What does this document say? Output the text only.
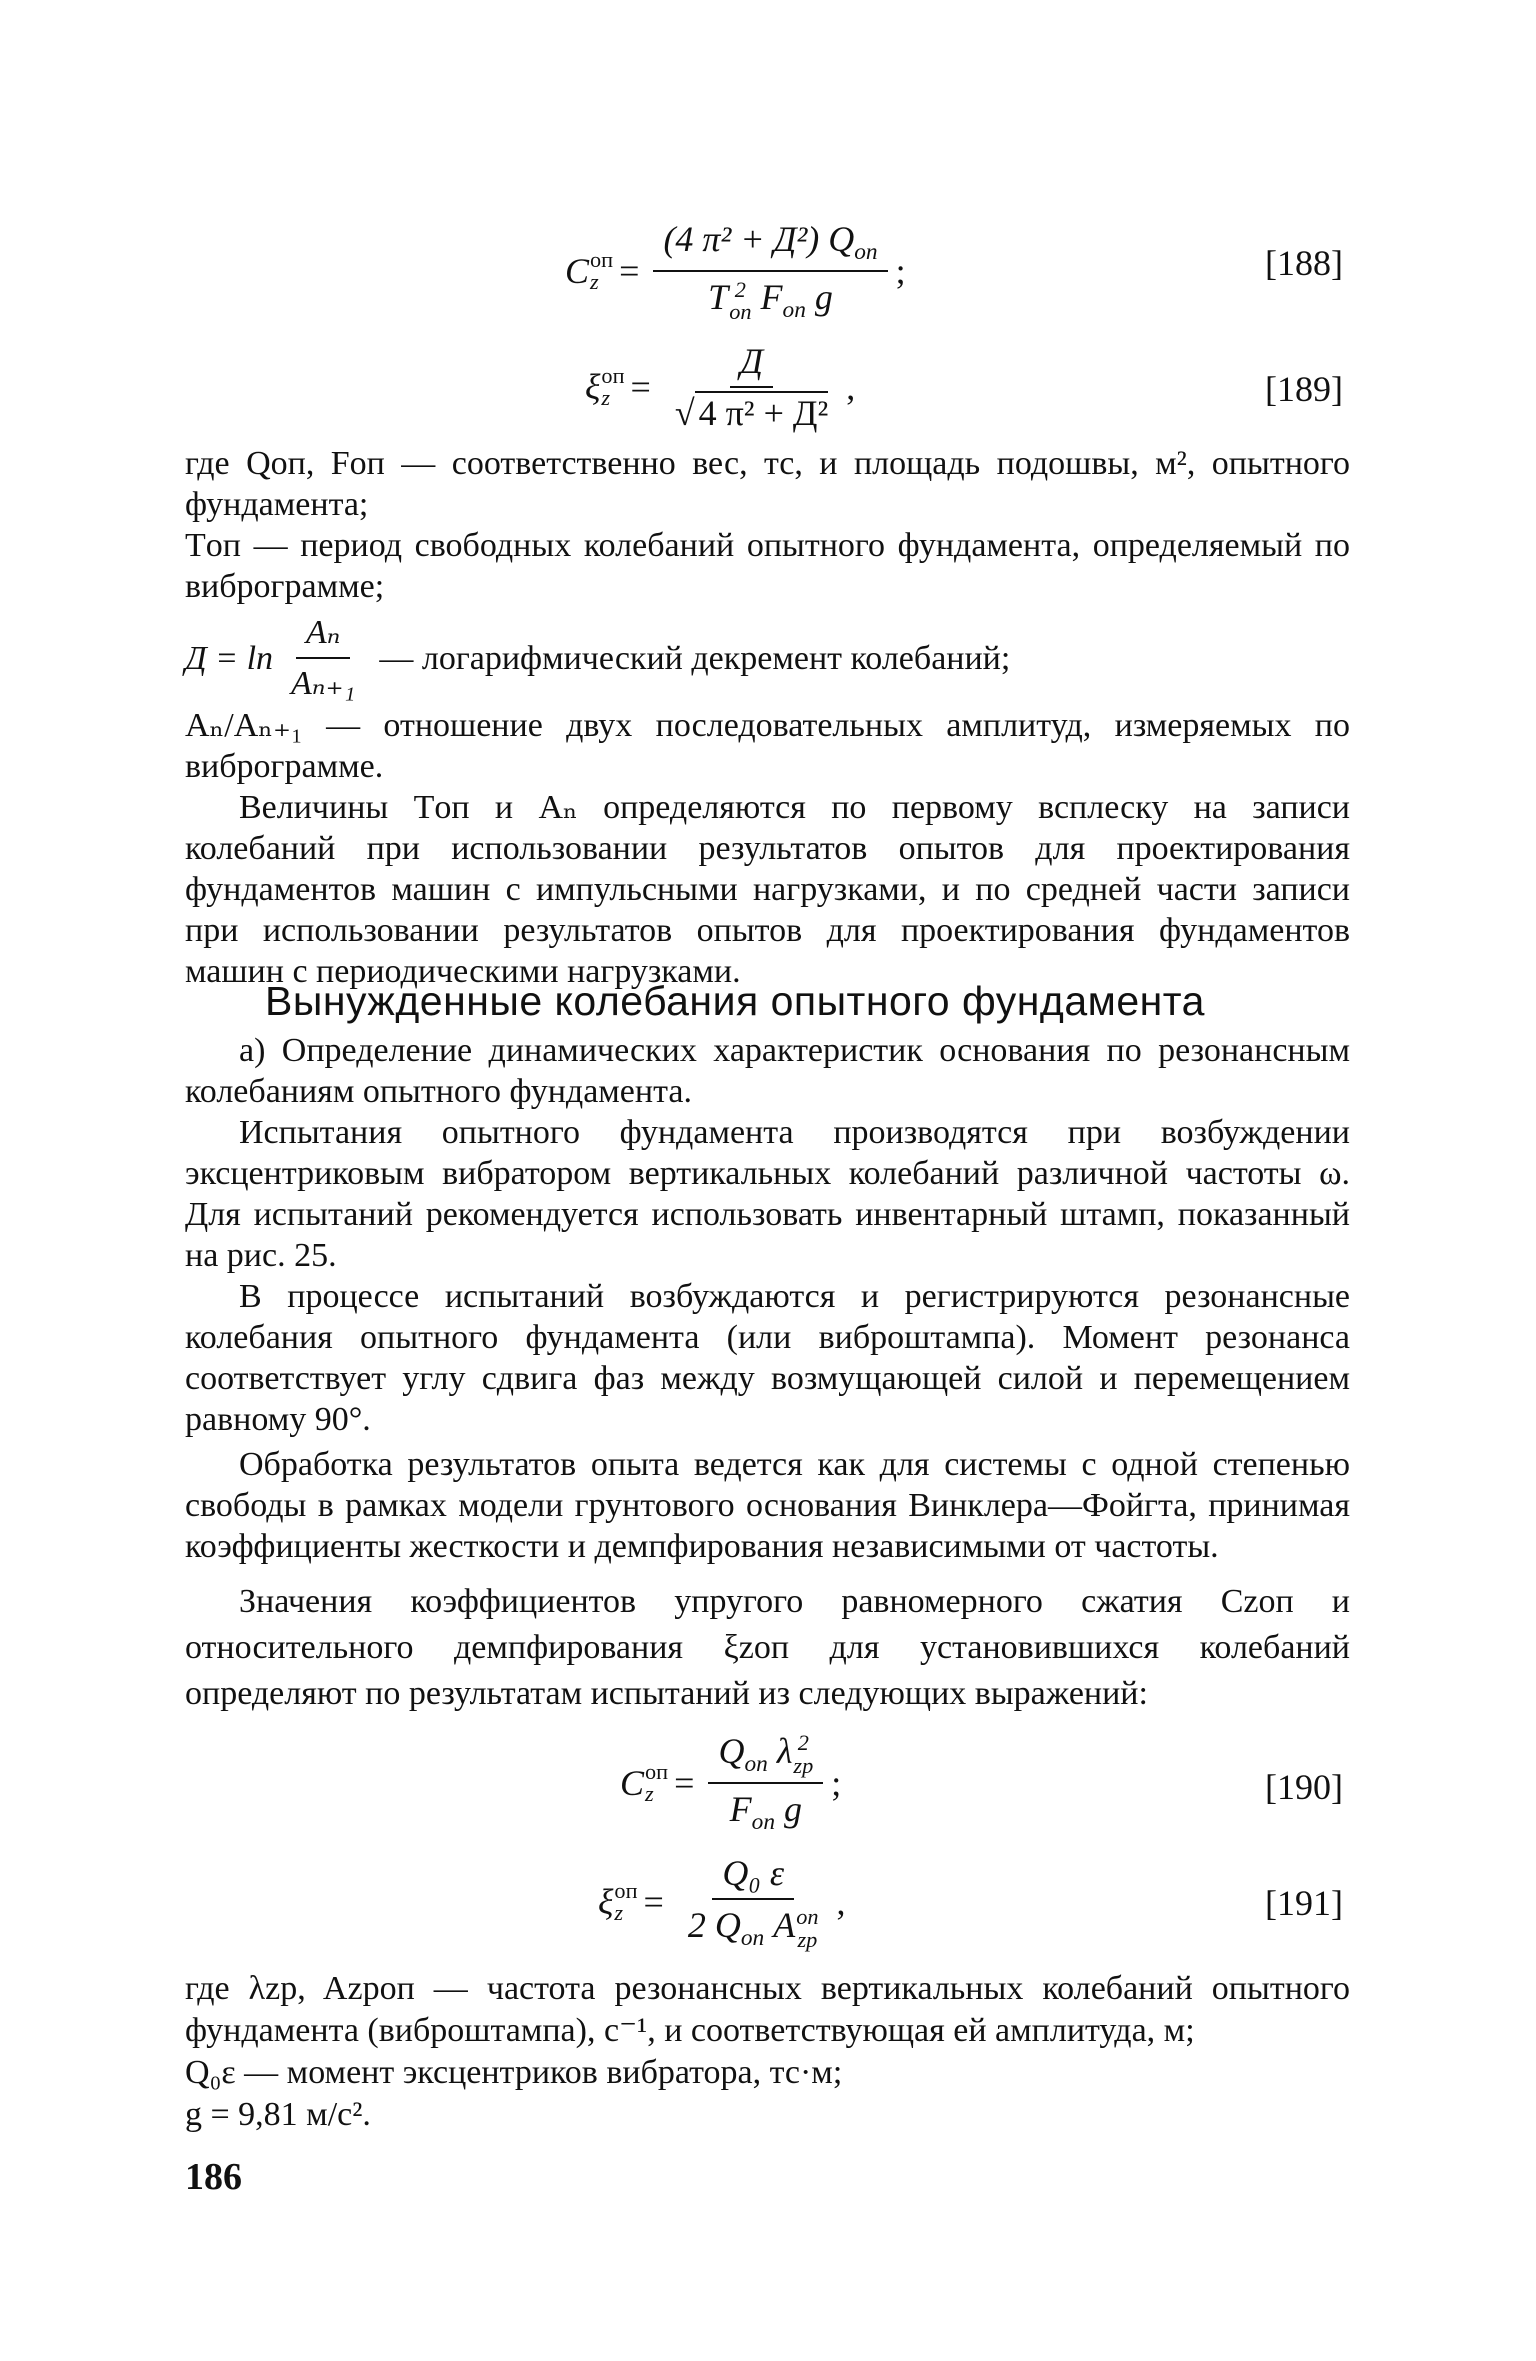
C оп
z = (4 π² + Д²) $Q_{оп}$
T 2
оп $F_{оп}$ g ;	[188]
ξ оп
$z = \frac{Д}{\text{√ 4 π² + Д²}}$ ,	[189]

где Qоп, Fоп — соответственно вес, тс, и площадь подошвы, м², опытного фундамента;

Tоп — период свободных колебаний опытного фундамента, определяемый по виброграмме;

$Д = \ln \frac{\text{Aₙ}}{\text{Aₙ₊₁}}$ — логарифмический декремент колебаний;

Aₙ/Aₙ₊₁ — отношение двух последовательных амплитуд, измеряемых по виброграмме.

Величины Tоп и Aₙ определяются по первому всплеску на записи колебаний при использовании результатов опытов для проектирования фундаментов машин с импульсными нагрузками, и по средней части записи при использовании результатов опытов для проектирования фундаментов машин с периодическими нагрузками.

Вынужденные колебания опытного фундамента

а) Определение динамических характеристик основания по резонансным колебаниям опытного фундамента.

Испытания опытного фундамента производятся при возбуждении эксцентриковым вибратором вертикальных колебаний различной частоты ω. Для испытаний рекомендуется использовать инвентарный штамп, показанный на рис. 25.

В процессе испытаний возбуждаются и регистрируются резонансные колебания опытного фундамента (или виброштампа). Момент резонанса соответствует углу сдвига фаз между возмущающей силой и перемещением равному 90°.

Обработка результатов опыта ведется как для системы с одной степенью свободы в рамках модели грунтового основания Винклера—Фойгта, принимая коэффициенты жесткости и демпфирования независимыми от частоты.

Значения коэффициентов упругого равномерного сжатия Czоп и относительного демпфирования ξzоп для установившихся колебаний определяют по результатам испытаний из следующих выражений:

C оп
$z = Q_{оп}$ λ 2
zp
$F_{оп}$ g ;	[190]
ξ оп
z = Q₀ ε
2 $Q_{оп}$ A оп
zp ,	[191]

где λzp, Azpоп — частота резонансных вертикальных колебаний опытного фундамента (виброштампа), с⁻¹, и соответствующая ей амплитуда, м;

Q₀ε — момент эксцентриков вибратора, тс·м;

g = 9,81 м/с².

186
